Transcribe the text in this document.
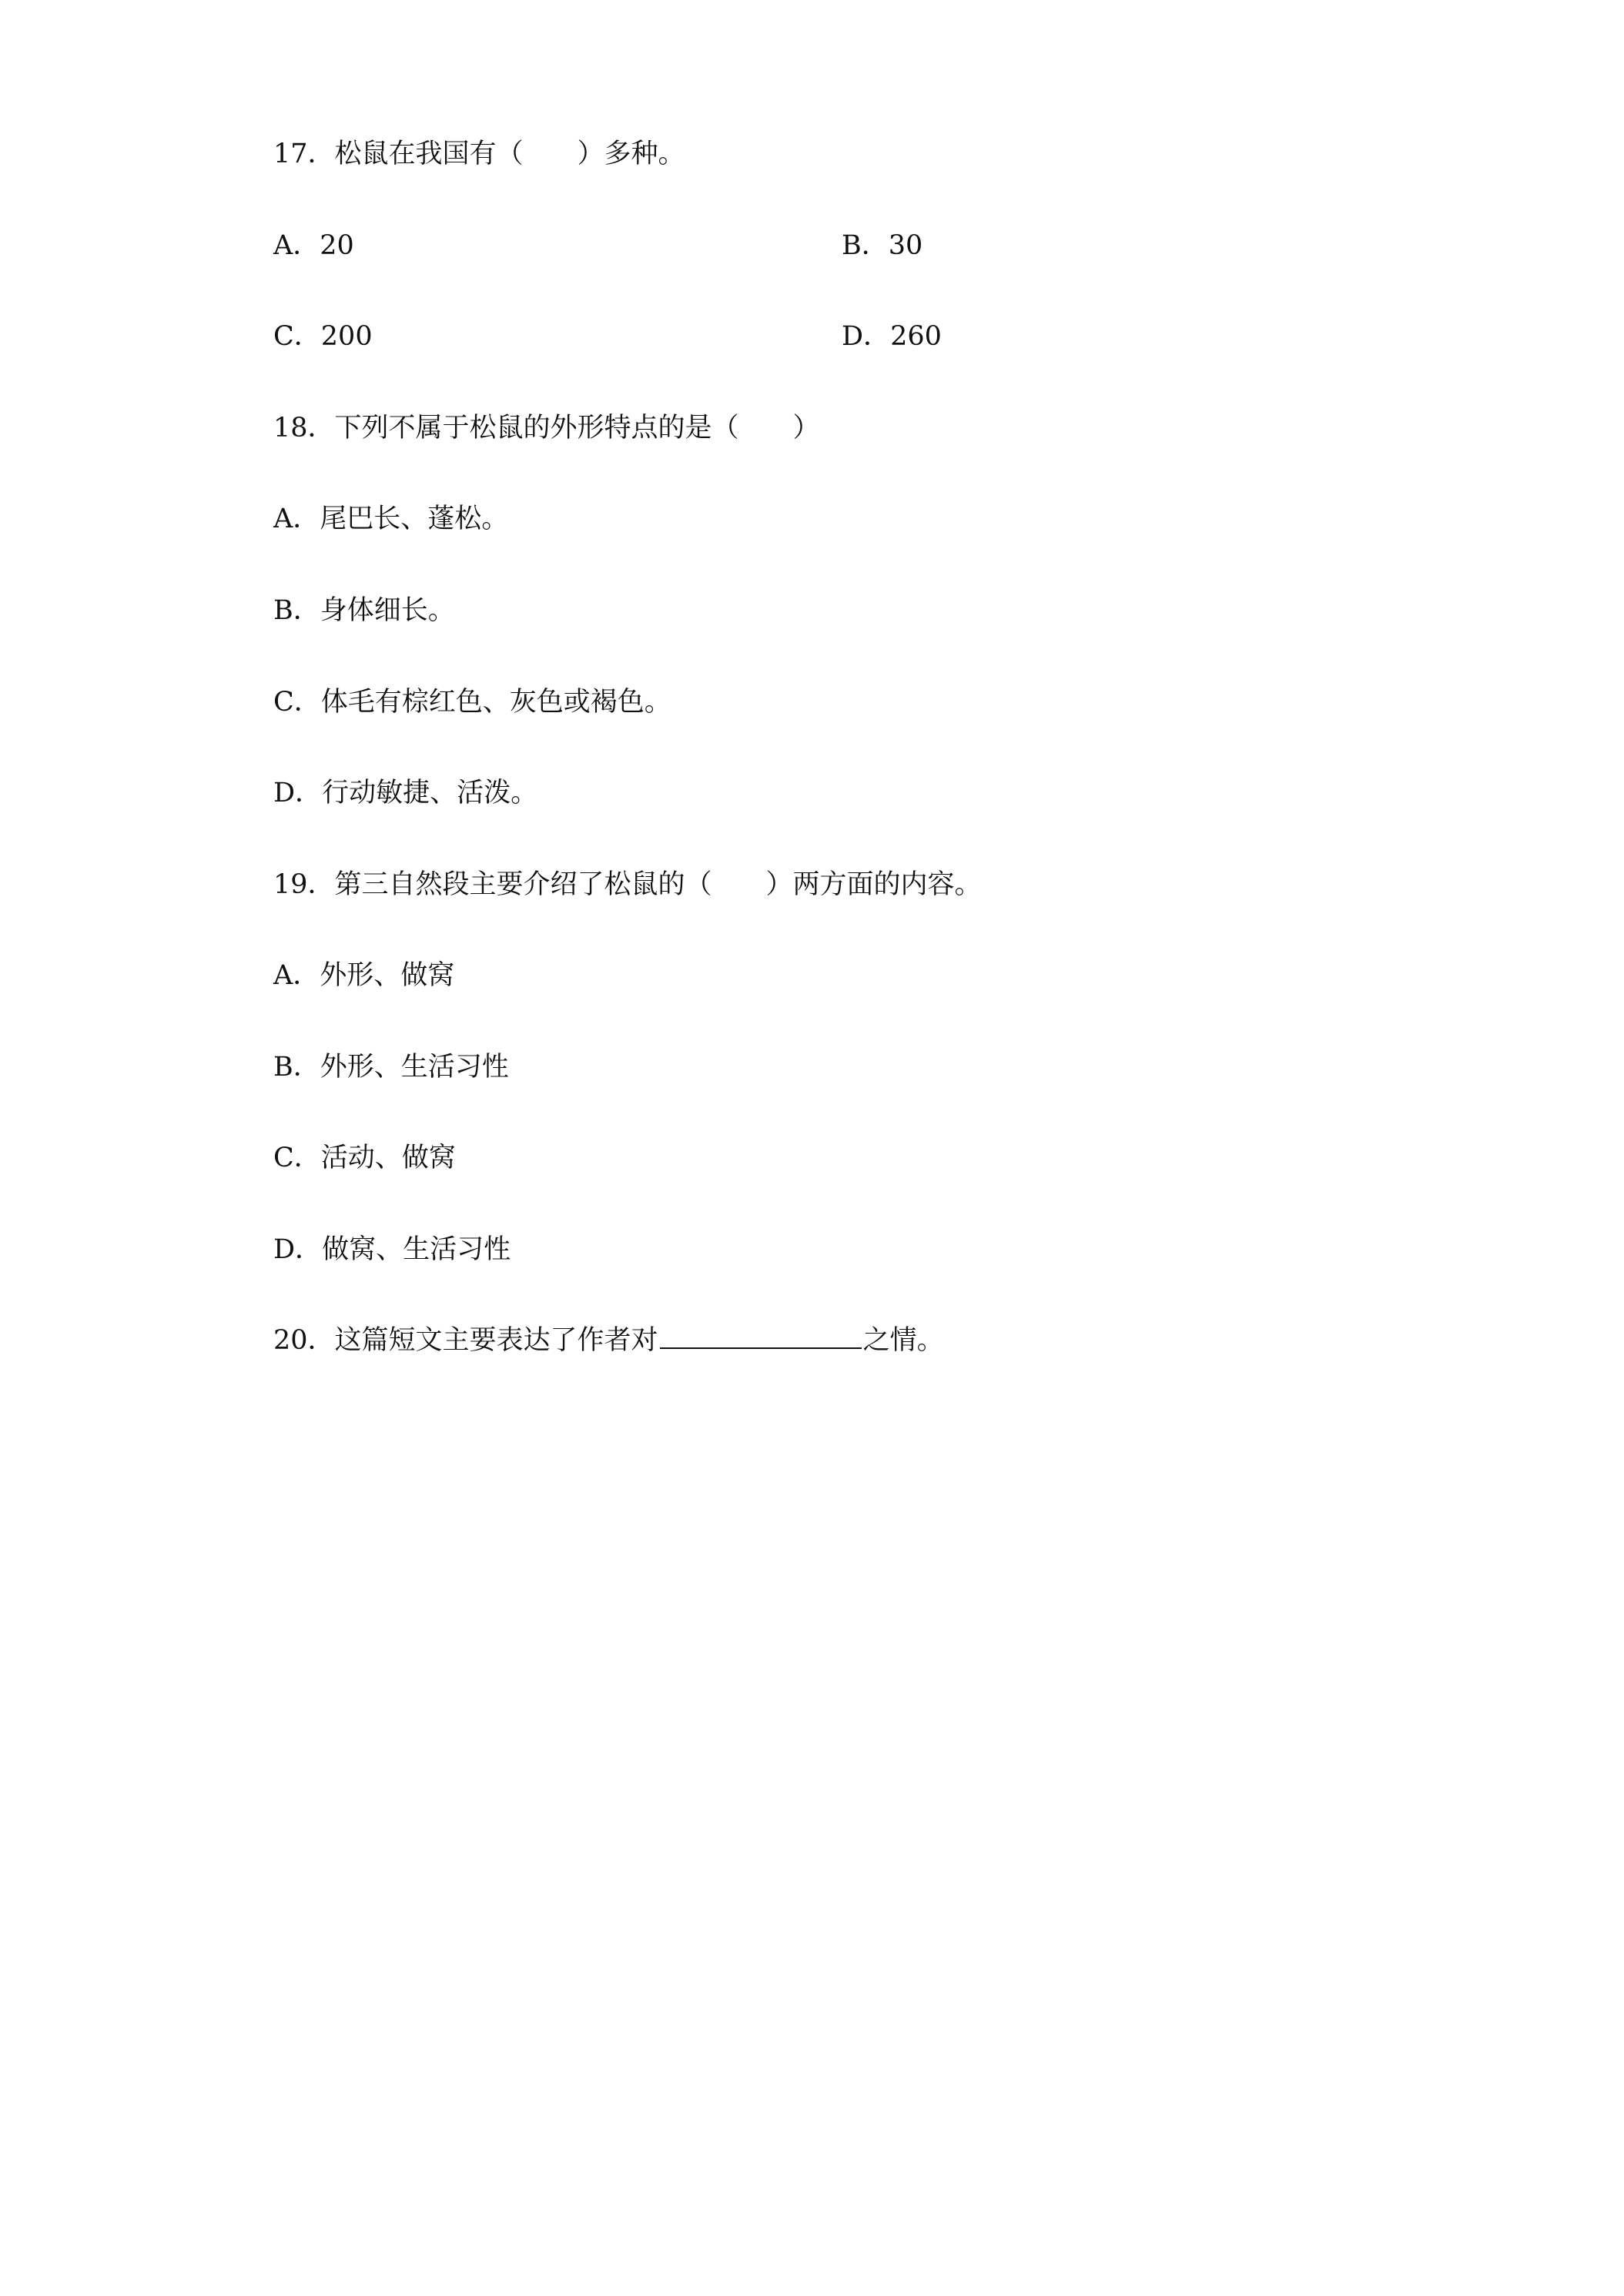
17．松鼠在我国有（　　）多种。
A．20	B．30
C．200	D．260
18．下列不属于松鼠的外形特点的是（　　）
A．尾巴长、蓬松。
B．身体细长。
C．体毛有棕红色、灰色或褐色。
D．行动敏捷、活泼。
19．第三自然段主要介绍了松鼠的（　　）两方面的内容。
A．外形、做窝
B．外形、生活习性
C．活动、做窝
D．做窝、生活习性
20．这篇短文主要表达了作者对	之情。
